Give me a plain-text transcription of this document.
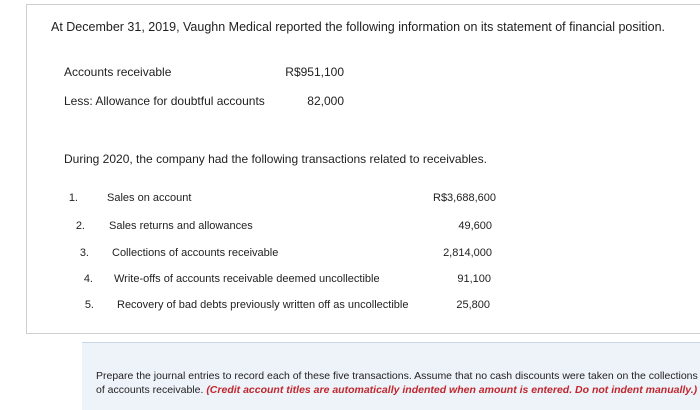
At December 31, 2019, Vaughn Medical reported the following information on its statement of financial position.
Accounts receivable	R$951,100
Less: Allowance for doubtful accounts	82,000
During 2020, the company had the following transactions related to receivables.
1.	Sales on account	R$3,688,600
2. Sales returns and allowances	49,600
3. Collections of accounts receivable	2,814,000
4. Write-offs of accounts receivable deemed uncollectible	91,100
5. Recovery of bad debts previously written off as uncollectible	25,800
Prepare the journal entries to record each of these five transactions. Assume that no cash discounts were taken on the collections
of accounts receivable. (Credit account titles are automatically indented when amount is entered. Do not indent manually.)
